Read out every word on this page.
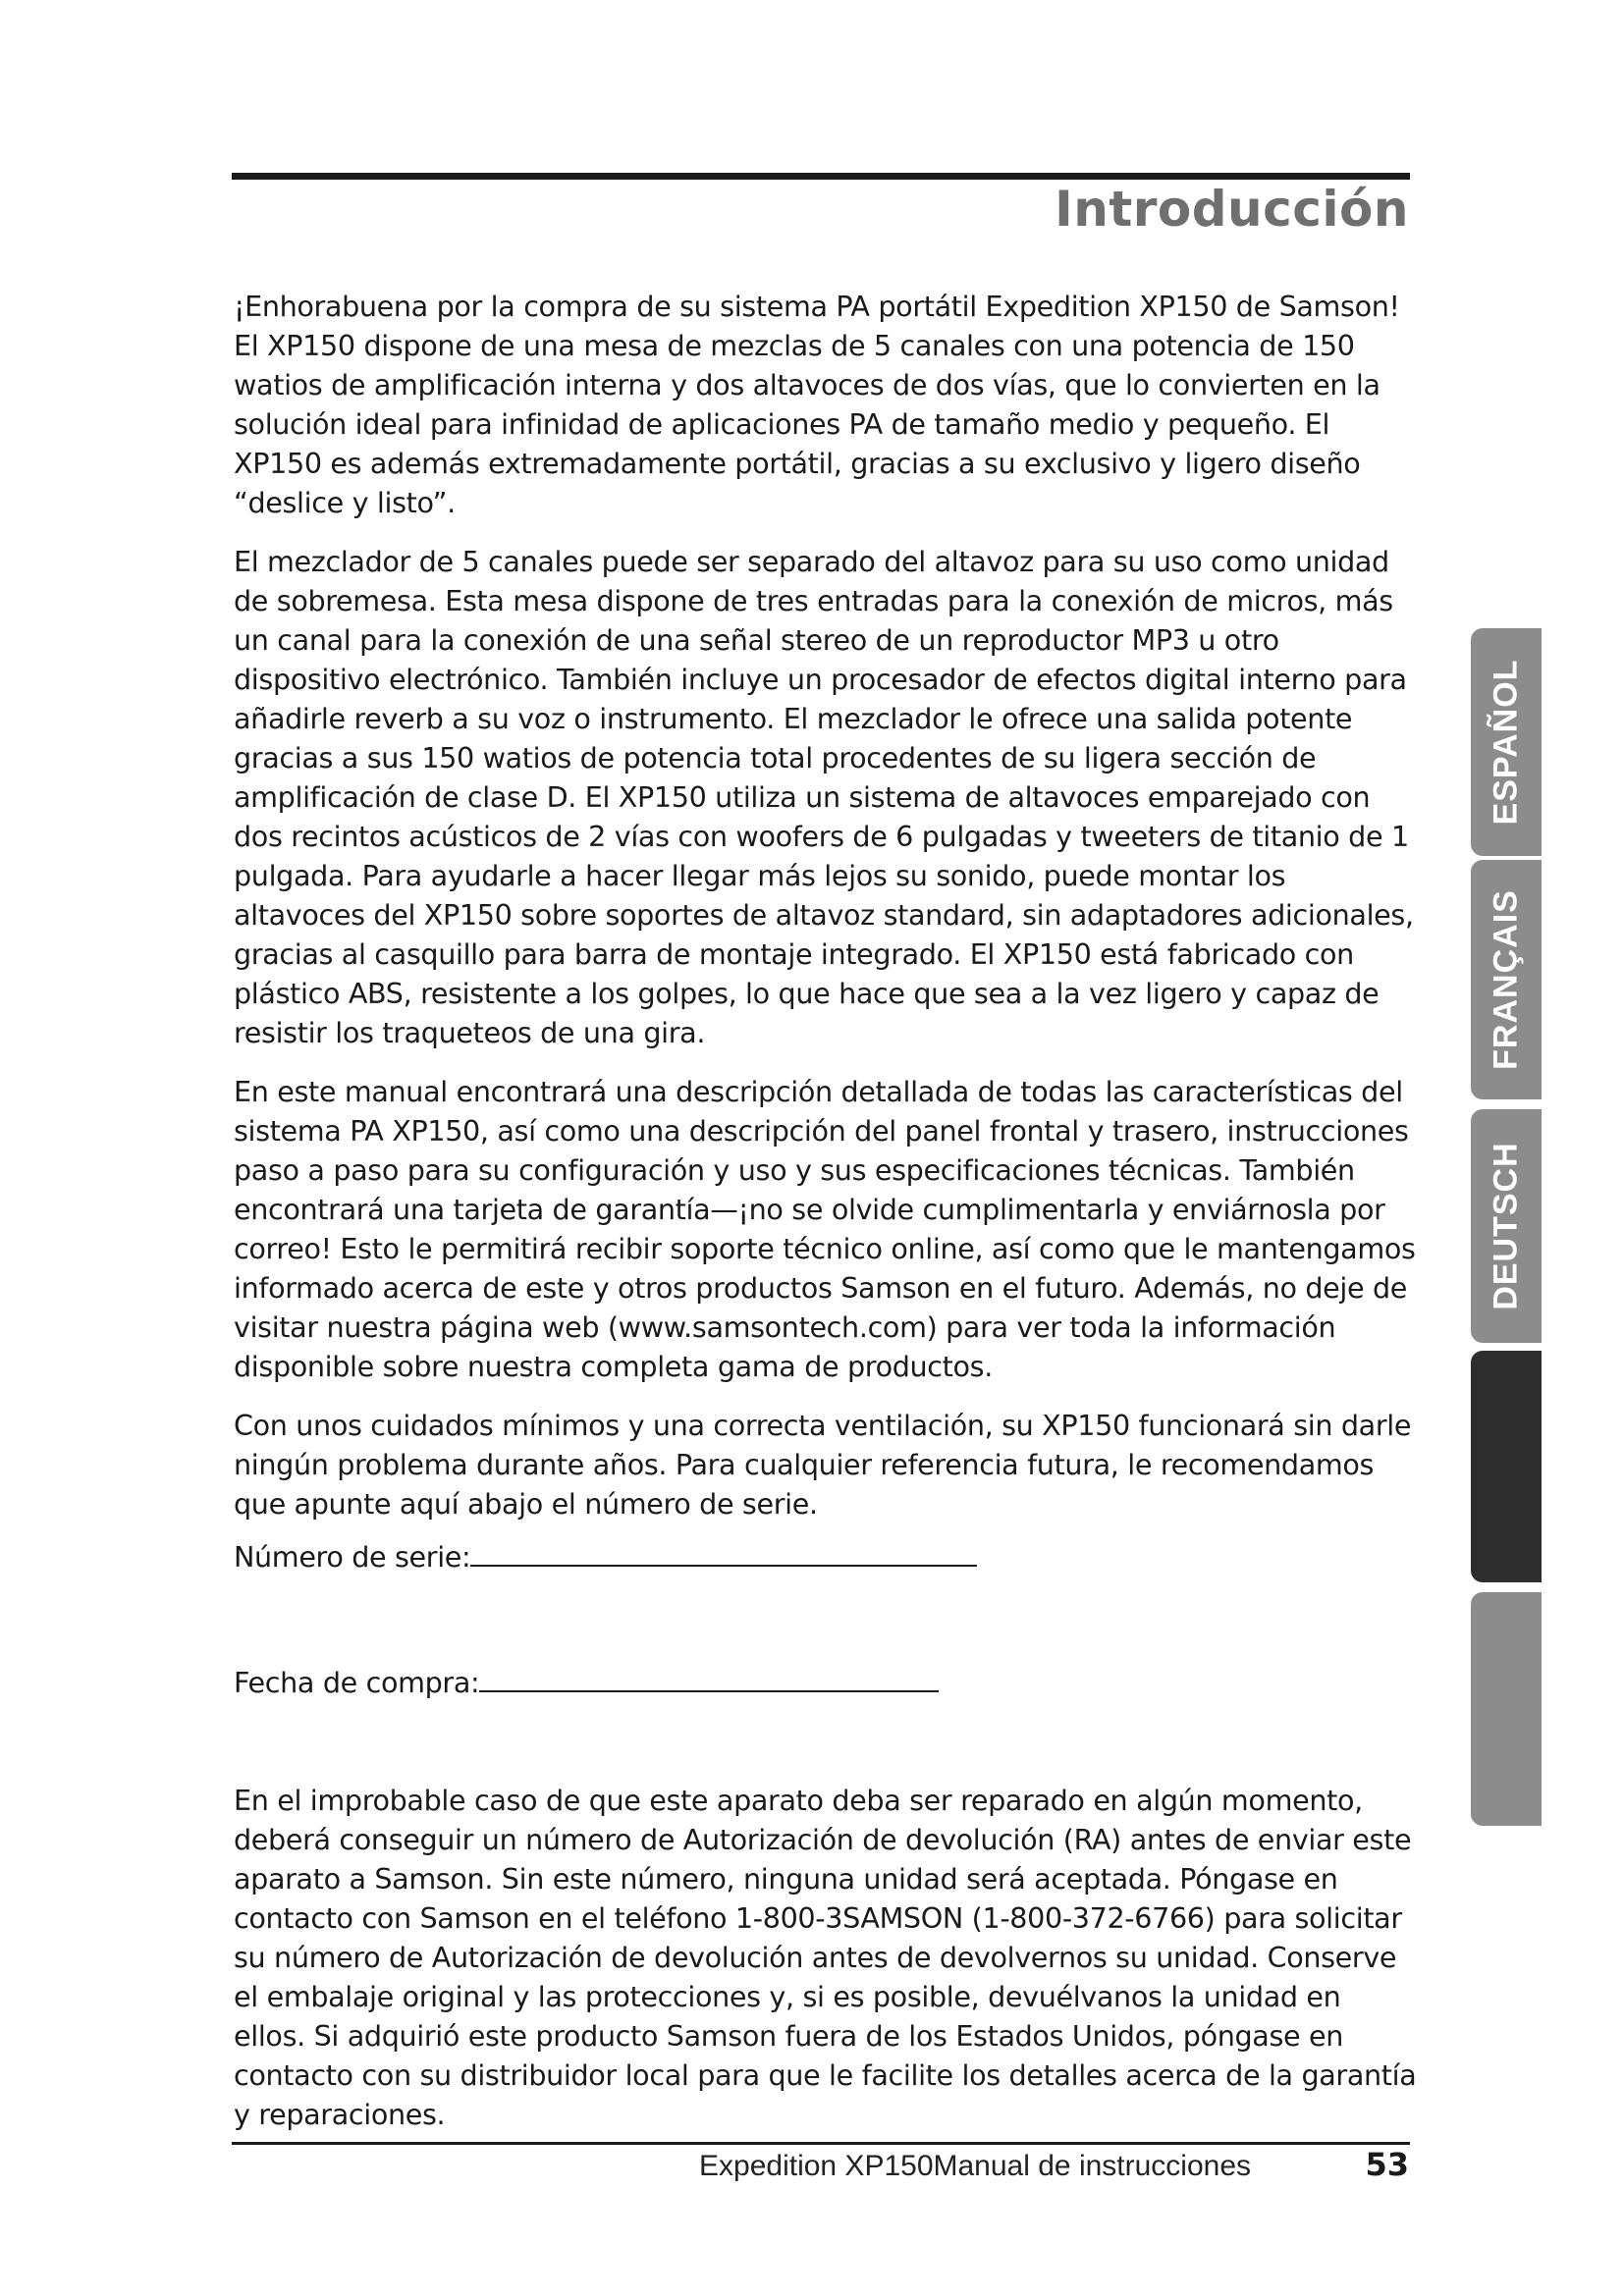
Introducción

¡Enhorabuena por la compra de su sistema PA portátil Expedition XP150 de Samson! El XP150 dispone de una mesa de mezclas de 5 canales con una potencia de 150 watios de amplificación interna y dos altavoces de dos vías, que lo convierten en la solución ideal para infinidad de aplicaciones PA de tamaño medio y pequeño. El XP150 es además extremadamente portátil, gracias a su exclusivo y ligero diseño “deslice y listo”.

El mezclador de 5 canales puede ser separado del altavoz para su uso como unidad de sobremesa. Esta mesa dispone de tres entradas para la conexión de micros, más un canal para la conexión de una señal stereo de un reproductor MP3 u otro dispositivo electrónico. También incluye un procesador de efectos digital interno para añadirle reverb a su voz o instrumento. El mezclador le ofrece una salida potente gracias a sus 150 watios de potencia total procedentes de su ligera sección de amplificación de clase D. El XP150 utiliza un sistema de altavoces emparejado con dos recintos acústicos de 2 vías con woofers de 6 pulgadas y tweeters de titanio de 1 pulgada. Para ayudarle a hacer llegar más lejos su sonido, puede montar los altavoces del XP150 sobre soportes de altavoz standard, sin adaptadores adicionales, gracias al casquillo para barra de montaje integrado. El XP150 está fabricado con plástico ABS, resistente a los golpes, lo que hace que sea a la vez ligero y capaz de resistir los traqueteos de una gira.

En este manual encontrará una descripción detallada de todas las características del sistema PA XP150, así como una descripción del panel frontal y trasero, instrucciones paso a paso para su configuración y uso y sus especificaciones técnicas. También encontrará una tarjeta de garantía—¡no se olvide cumplimentarla y enviárnosla por correo! Esto le permitirá recibir soporte técnico online, así como que le mantengamos informado acerca de este y otros productos Samson en el futuro. Además, no deje de visitar nuestra página web (www.samsontech.com) para ver toda la información disponible sobre nuestra completa gama de productos.

Con unos cuidados mínimos y una correcta ventilación, su XP150 funcionará sin darle ningún problema durante años. Para cualquier referencia futura, le recomendamos que apunte aquí abajo el número de serie.

Número de serie:
Fecha de compra:

En el improbable caso de que este aparato deba ser reparado en algún momento, deberá conseguir un número de Autorización de devolución (RA) antes de enviar este aparato a Samson. Sin este número, ninguna unidad será aceptada. Póngase en contacto con Samson en el teléfono 1-800-3SAMSON (1-800-372-6766) para solicitar su número de Autorización de devolución antes de devolvernos su unidad. Conserve el embalaje original y las protecciones y, si es posible, devuélvanos la unidad en ellos. Si adquirió este producto Samson fuera de los Estados Unidos, póngase en contacto con su distribuidor local para que le facilite los detalles acerca de la garantía y reparaciones.

Expedition XP150Manual de instrucciones	53
ESPAÑOL
FRANÇAIS
DEUTSCH
